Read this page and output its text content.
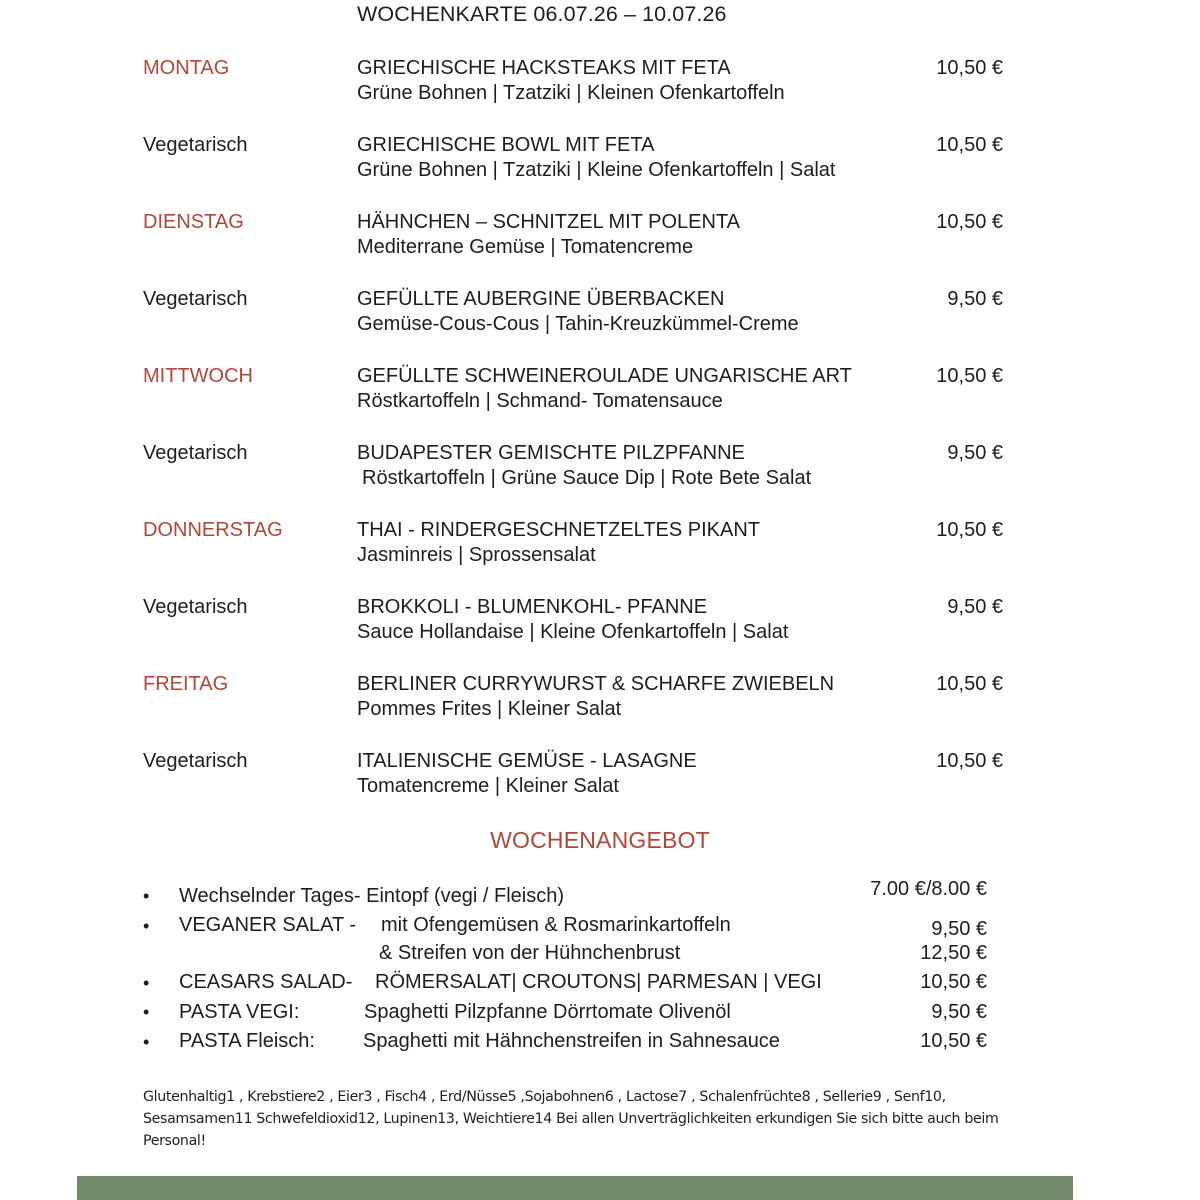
WOCHENKARTE 06.07.26 – 10.07.26
MONTAG	GRIECHISCHE HACKSTEAKS MIT FETA
Grüne Bohnen | Tzatziki | Kleinen Ofenkartoffeln
10,50 €
Vegetarisch	GRIECHISCHE BOWL MIT FETA
Grüne Bohnen | Tzatziki | Kleine Ofenkartoffeln | Salat
10,50 €
DIENSTAG	HÄHNCHEN – SCHNITZEL MIT POLENTA
Mediterrane Gemüse | Tomatencreme
10,50 €
Vegetarisch	GEFÜLLTE AUBERGINE ÜBERBACKEN
Gemüse-Cous-Cous | Tahin-Kreuzkümmel-Creme
9,50 €
MITTWOCH	GEFÜLLTE SCHWEINEROULADE UNGARISCHE ART
Röstkartoffeln | Schmand- Tomatensauce
10,50 €
Vegetarisch	BUDAPESTER GEMISCHTE PILZPFANNE
Röstkartoffeln | Grüne Sauce Dip | Rote Bete Salat
9,50 €
DONNERSTAG	THAI - RINDERGESCHNETZELTES PIKANT
Jasminreis | Sprossensalat
10,50 €
Vegetarisch	BROKKOLI - BLUMENKOHL- PFANNE
Sauce Hollandaise | Kleine Ofenkartoffeln | Salat
9,50 €
FREITAG	BERLINER CURRYWURST & SCHARFE ZWIEBELN
Pommes Frites | Kleiner Salat
10,50 €
Vegetarisch	ITALIENISCHE GEMÜSE - LASAGNE
Tomatencreme | Kleiner Salat
10,50 €
WOCHENANGEBOT
• Wechselnder Tages- Eintopf (vegi / Fleisch)	7.00 €/8.00 €
• VEGANER SALAT - mit Ofengemüsen & Rosmarinkartoffeln	9,50 €
& Streifen von der Hühnchenbrust	12,50 €
• CEASARS SALAD- RÖMERSALAT| CROUTONS| PARMESAN | VEGI	10,50 €
• PASTA VEGI:	Spaghetti Pilzpfanne Dörrtomate Olivenöl	9,50 €
• PASTA Fleisch: Spaghetti mit Hähnchenstreifen in Sahnesauce	10,50 €
Glutenhaltig1 , Krebstiere2 , Eier3 , Fisch4 , Erd/Nüsse5 ,Sojabohnen6 , Lactose7 , Schalenfrüchte8 , Sellerie9 , Senf10, Sesamsamen11 Schwefeldioxid12, Lupinen13, Weichtiere14 Bei allen Unverträglichkeiten erkundigen Sie sich bitte auch beim Personal!
